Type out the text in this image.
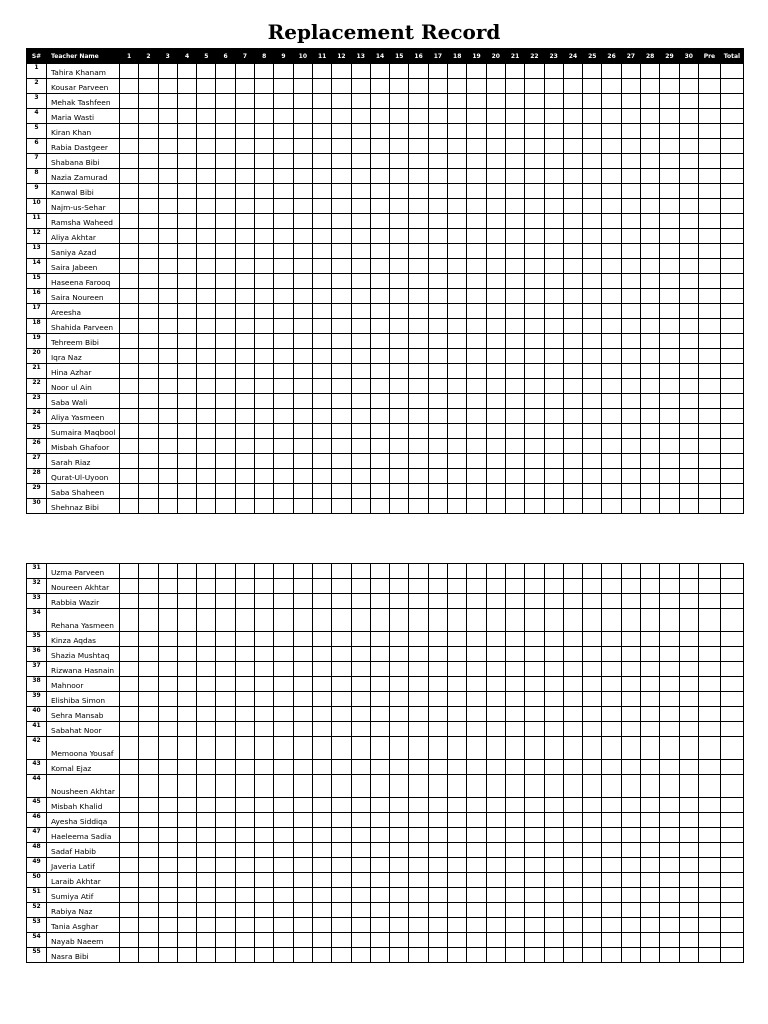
Replacement Record
S#	Teacher Name	1	2	3	4	5	6	7	8	9	10	11	12	13	14	15	16	17	18	19	20	21	22	23	24	25	26	27	28	29	30	Pre	Total
1	Tahira Khanam																																
2	Kousar Parveen																																
3	Mehak Tashfeen																																
4	Maria Wasti																																
5	Kiran Khan																																
6	Rabia Dastgeer																																
7	Shabana Bibi																																
8	Nazia Zamurad																																
9	Kanwal Bibi																																
10	Najm-us-Sehar																																
11	Ramsha Waheed																																
12	Aliya Akhtar																																
13	Saniya Azad																																
14	Saira Jabeen																																
15	Haseena Farooq																																
16	Saira Noureen																																
17	Areesha																																
18	Shahida Parveen																																
19	Tehreem Bibi																																
20	Iqra Naz																																
21	Hina Azhar																																
22	Noor ul Ain																																
23	Saba Wali																																
24	Aliya Yasmeen																																
25	Sumaira Maqbool																																
26	Misbah Ghafoor																																
27	Sarah Riaz																																
28	Qurat-Ul-Uyoon																																
29	Saba Shaheen																																
30	Shehnaz Bibi																																
31	Uzma Parveen																																
32	Noureen Akhtar																																
33	Rabbia Wazir																																
34	Rehana Yasmeen																																
35	Kinza Aqdas																																
36	Shazia Mushtaq																																
37	Rizwana Hasnain																																
38	Mahnoor																																
39	Elishiba Simon																																
40	Sehra Mansab																																
41	Sabahat Noor																																
42	Memoona Yousaf																																
43	Komal Ejaz																																
44	Nousheen Akhtar																																
45	Misbah Khalid																																
46	Ayesha Siddiqa																																
47	Haeleema Sadia																																
48	Sadaf Habib																																
49	Javeria Latif																																
50	Laraib Akhtar																																
51	Sumiya Atif																																
52	Rabiya Naz																																
53	Tania Asghar																																
54	Nayab Naeem																																
55	Nasra Bibi																																
